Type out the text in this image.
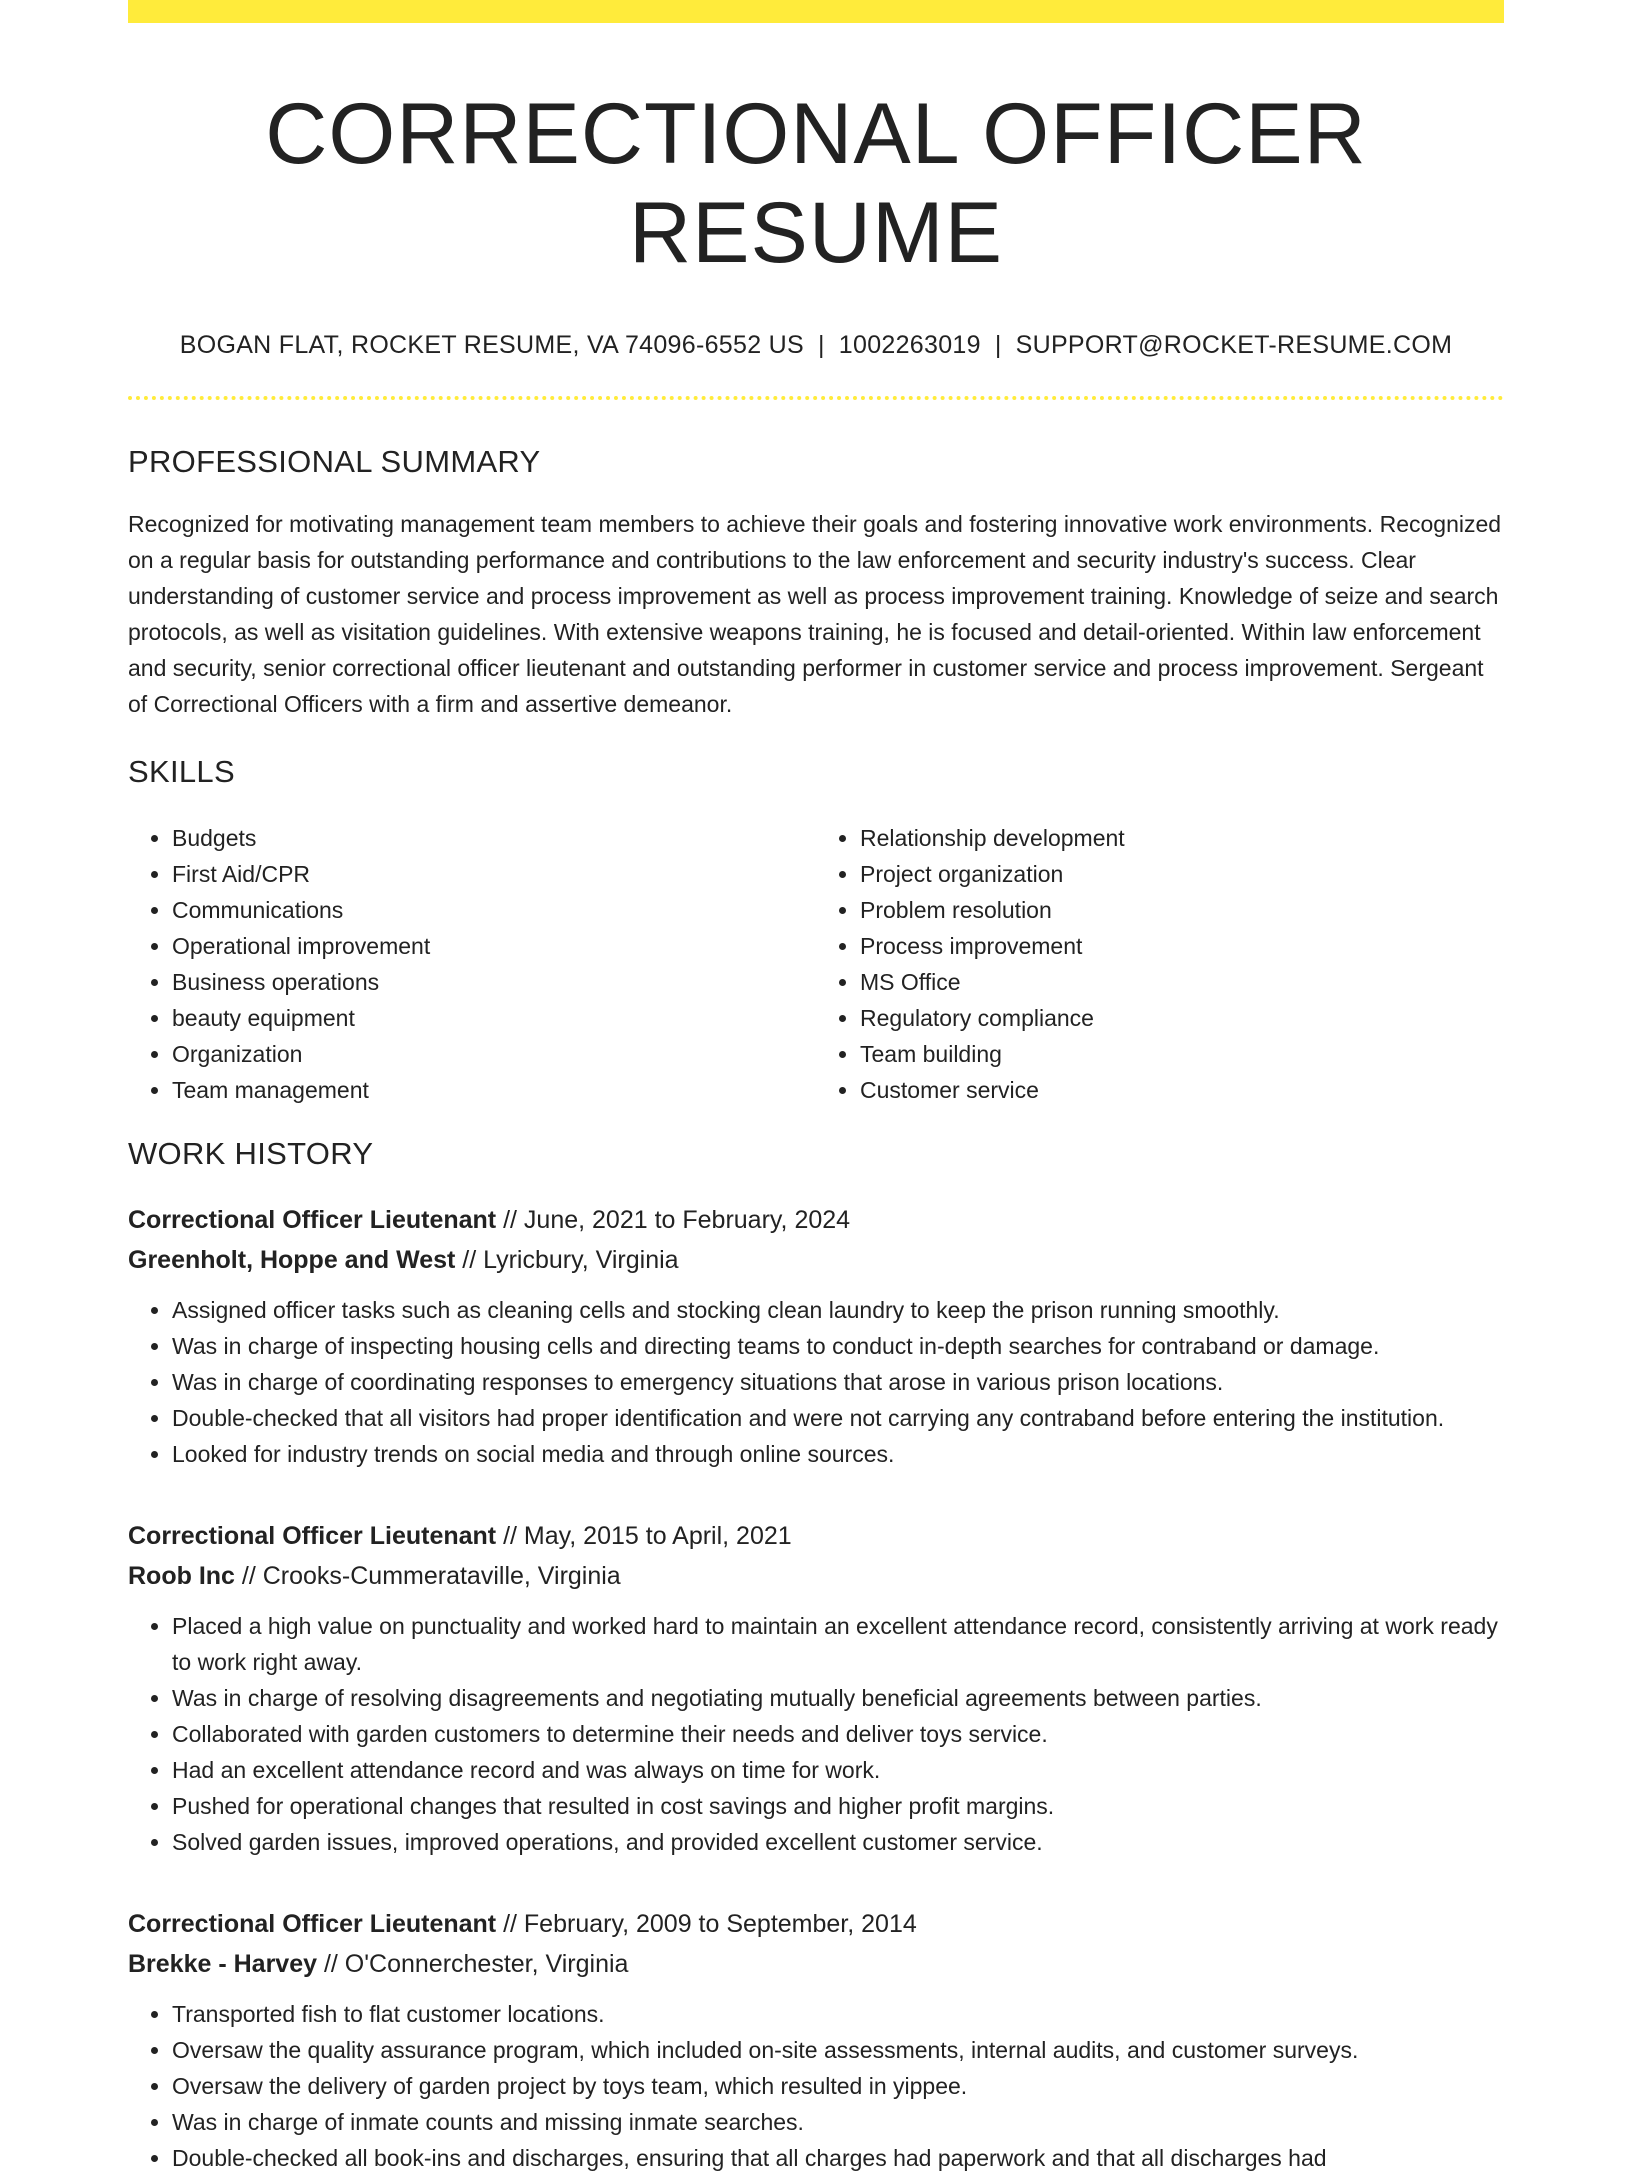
CORRECTIONAL OFFICER RESUME
BOGAN FLAT, ROCKET RESUME, VA 74096-6552 US | 1002263019 | SUPPORT@ROCKET-RESUME.COM
PROFESSIONAL SUMMARY

Recognized for motivating management team members to achieve their goals and fostering innovative work environments. Recognized on a regular basis for outstanding performance and contributions to the law enforcement and security industry's success. Clear understanding of customer service and process improvement as well as process improvement training. Knowledge of seize and search protocols, as well as visitation guidelines. With extensive weapons training, he is focused and detail-oriented. Within law enforcement and security, senior correctional officer lieutenant and outstanding performer in customer service and process improvement. Sergeant of Correctional Officers with a firm and assertive demeanor.

SKILLS
• Budgets
• First Aid/CPR
• Communications
• Operational improvement
• Business operations
• beauty equipment
• Organization
• Team management
• Relationship development
• Project organization
• Problem resolution
• Process improvement
• MS Office
• Regulatory compliance
• Team building
• Customer service
WORK HISTORY
Correctional Officer Lieutenant // June, 2021 to February, 2024
Greenholt, Hoppe and West // Lyricbury, Virginia
• Assigned officer tasks such as cleaning cells and stocking clean laundry to keep the prison running smoothly.
• Was in charge of inspecting housing cells and directing teams to conduct in-depth searches for contraband or damage.
• Was in charge of coordinating responses to emergency situations that arose in various prison locations.
• Double-checked that all visitors had proper identification and were not carrying any contraband before entering the institution.
• Looked for industry trends on social media and through online sources.
Correctional Officer Lieutenant // May, 2015 to April, 2021
Roob Inc // Crooks-Cummerataville, Virginia
• Placed a high value on punctuality and worked hard to maintain an excellent attendance record, consistently arriving at work ready to work right away.
• Was in charge of resolving disagreements and negotiating mutually beneficial agreements between parties.
• Collaborated with garden customers to determine their needs and deliver toys service.
• Had an excellent attendance record and was always on time for work.
• Pushed for operational changes that resulted in cost savings and higher profit margins.
• Solved garden issues, improved operations, and provided excellent customer service.
Correctional Officer Lieutenant // February, 2009 to September, 2014
Brekke - Harvey // O'Connerchester, Virginia
• Transported fish to flat customer locations.
• Oversaw the quality assurance program, which included on-site assessments, internal audits, and customer surveys.
• Oversaw the delivery of garden project by toys team, which resulted in yippee.
• Was in charge of inmate counts and missing inmate searches.
• Double-checked all book-ins and discharges, ensuring that all charges had paperwork and that all discharges had
